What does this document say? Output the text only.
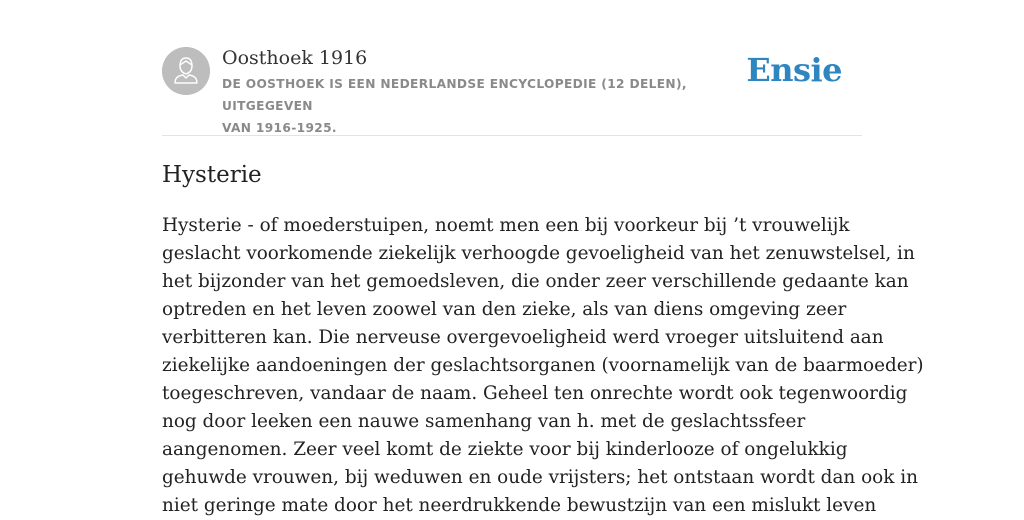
Oosthoek 1916
DE OOSTHOEK IS EEN NEDERLANDSE ENCYCLOPEDIE (12 DELEN), UITGEGEVEN
VAN 1916-1925.
Ensie
Hysterie
Hysterie - of moederstuipen, noemt men een bij voorkeur bij ’t vrouwelijk
geslacht voorkomende ziekelijk verhoogde gevoeligheid van het zenuwstelsel, in
het bijzonder van het gemoedsleven, die onder zeer verschillende gedaante kan
optreden en het leven zoowel van den zieke, als van diens omgeving zeer
verbitteren kan. Die nerveuse overgevoeligheid werd vroeger uitsluitend aan
ziekelijke aandoeningen der geslachtsorganen (voornamelijk van de baarmoeder)
toegeschreven, vandaar de naam. Geheel ten onrechte wordt ook tegenwoordig
nog door leeken een nauwe samenhang van h. met de geslachtssfeer
aangenomen. Zeer veel komt de ziekte voor bij kinderlooze of ongelukkig
gehuwde vrouwen, bij weduwen en oude vrijsters; het ontstaan wordt dan ook in
niet geringe mate door het neerdrukkende bewustzijn van een mislukt leven
